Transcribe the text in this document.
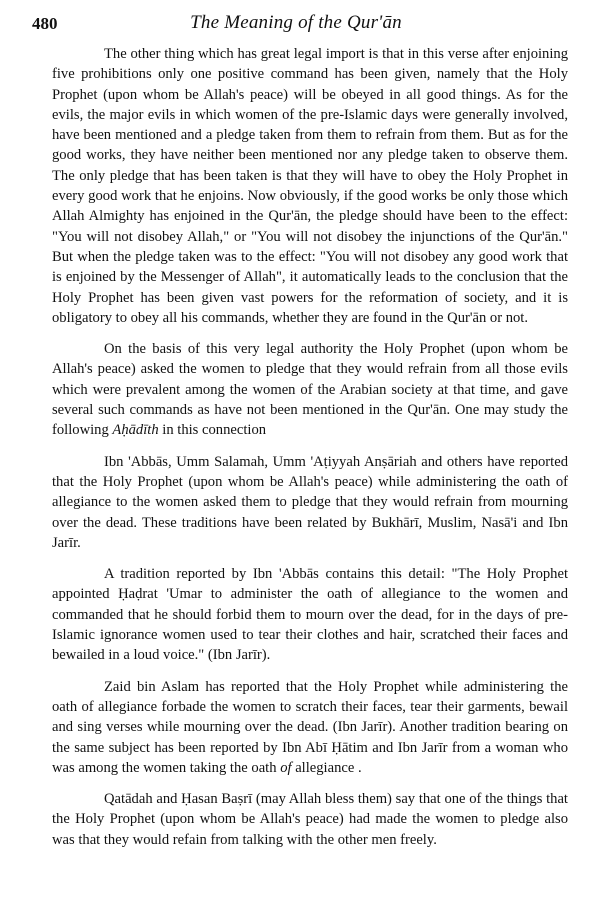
480	The Meaning of the Qur'ān

The other thing which has great legal import is that in this verse after enjoining five prohibitions only one positive command has been given, namely that the Holy Prophet (upon whom be Allah's peace) will be obeyed in all good things. As for the evils, the major evils in which women of the pre-Islamic days were generally involved, have been mentioned and a pledge taken from them to refrain from them. But as for the good works, they have neither been mentioned nor any pledge taken to observe them. The only pledge that has been taken is that they will have to obey the Holy Prophet in every good work that he enjoins. Now obviously, if the good works be only those which Allah Almighty has enjoined in the Qur'ān, the pledge should have been to the effect: "You will not disobey Allah," or "You will not disobey the injunctions of the Qur'ān." But when the pledge taken was to the effect: "You will not disobey any good work that is enjoined by the Messenger of Allah", it automatically leads to the conclusion that the Holy Prophet has been given vast powers for the reformation of society, and it is obligatory to obey all his commands, whether they are found in the Qur'ān or not.

On the basis of this very legal authority the Holy Prophet (upon whom be Allah's peace) asked the women to pledge that they would refrain from all those evils which were prevalent among the women of the Arabian society at that time, and gave several such commands as have not been mentioned in the Qur'ān. One may study the following Aḥādīth in this connection

Ibn 'Abbās, Umm Salamah, Umm 'Aṭiyyah Anṣāriah and others have reported that the Holy Prophet (upon whom be Allah's peace) while administering the oath of allegiance to the women asked them to pledge that they would refrain from mourning over the dead. These traditions have been related by Bukhārī, Muslim, Nasā'i and Ibn Jarīr.

A tradition reported by Ibn 'Abbās contains this detail: "The Holy Prophet appointed Ḥaḍrat 'Umar to administer the oath of allegiance to the women and commanded that he should forbid them to mourn over the dead, for in the days of pre-Islamic ignorance women used to tear their clothes and hair, scratched their faces and bewailed in a loud voice." (Ibn Jarīr).

Zaid bin Aslam has reported that the Holy Prophet while administering the oath of allegiance forbade the women to scratch their faces, tear their garments, bewail and sing verses while mourning over the dead. (Ibn Jarīr). Another tradition bearing on the same subject has been reported by Ibn Abī Ḥātim and Ibn Jarīr from a woman who was among the women taking the oath of allegiance .

Qatādah and Ḥasan Baṣrī (may Allah bless them) say that one of the things that the Holy Prophet (upon whom be Allah's peace) had made the women to pledge also was that they would refain from talking with the other men freely.
